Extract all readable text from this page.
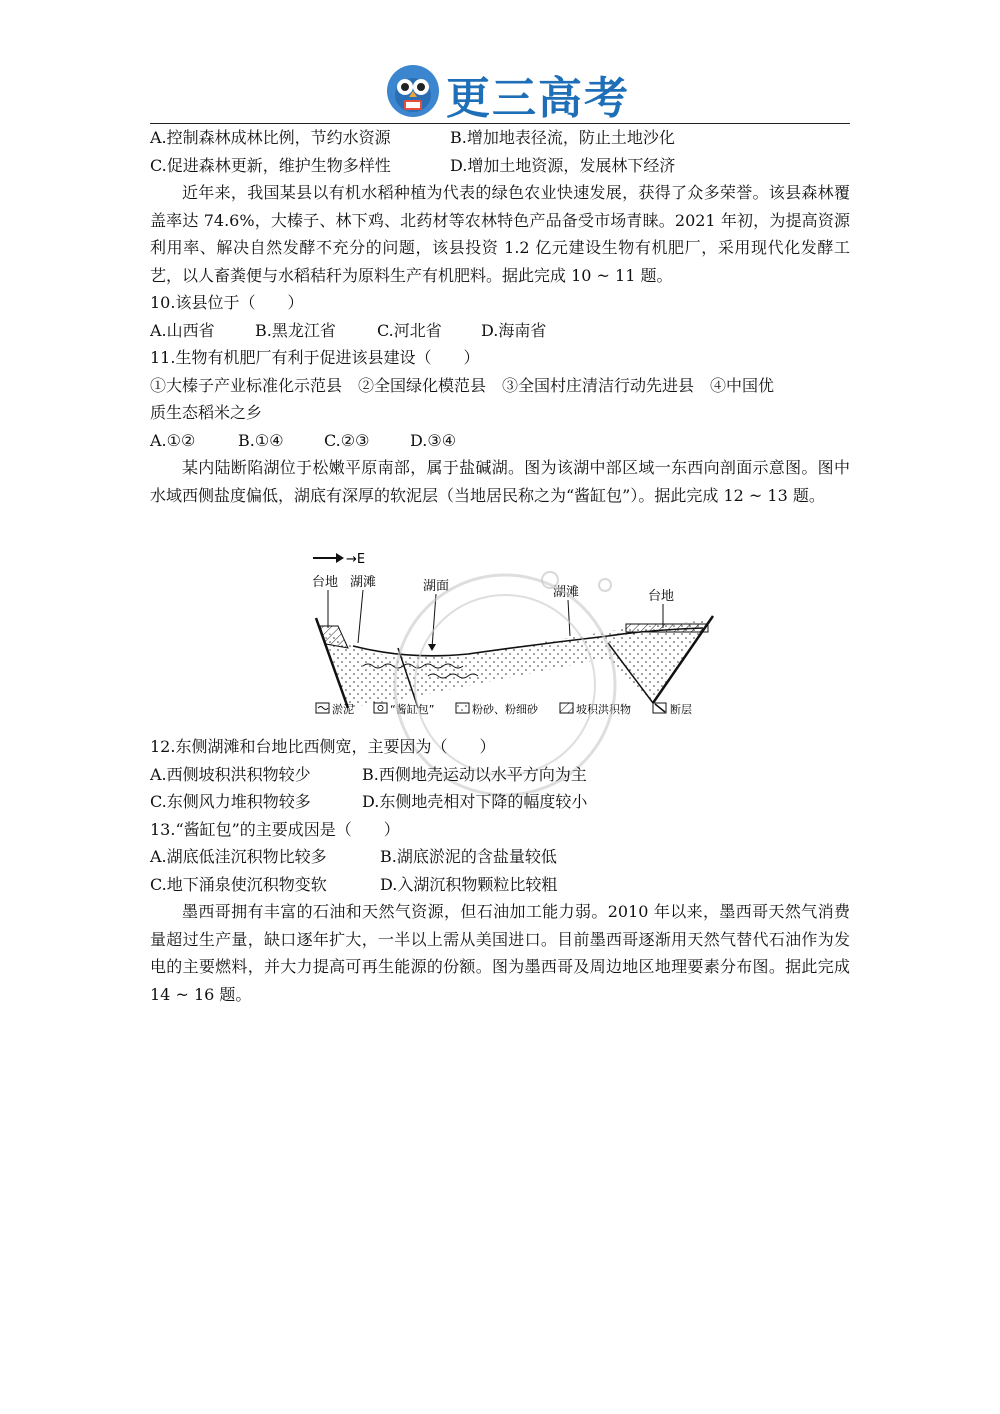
更三高考
A.控制森林成林比例，节约水资源	B.增加地表径流，防止土地沙化
C.促进森林更新，维护生物多样性	D.增加土地资源，发展林下经济
近年来，我国某县以有机水稻种植为代表的绿色农业快速发展，获得了众多荣誉。该县森林覆盖率达 74.6%，大榛子、林下鸡、北药材等农林特色产品备受市场青睐。2021 年初，为提高资源利用率、解决自然发酵不充分的问题，该县投资 1.2 亿元建设生物有机肥厂，采用现代化发酵工艺，以人畜粪便与水稻秸秆为原料生产有机肥料。据此完成 10 ~ 11 题。
10.该县位于（　　）
A.山西省	B.黑龙江省	C.河北省 D.海南省
11.生物有机肥厂有利于促进该县建设（　　）
①大榛子产业标准化示范县　②全国绿化模范县　③全国村庄清洁行动先进县　④中国优
质生态稻米之乡
A.①②	B.①④	C.②③	D.③④
某内陆断陷湖位于松嫩平原南部，属于盐碱湖。图为该湖中部区域一东西向剖面示意图。图中水域西侧盐度偏低，湖底有深厚的软泥层（当地居民称之为“酱缸包”）。据此完成 12 ~ 13 题。
→E
台地 湖滩	湖面	湖滩	台地
淤泥	“酱缸包”	粉砂、粉细砂	坡积洪积物	断层
12.东侧湖滩和台地比西侧宽，主要因为（　　）
A.西侧坡积洪积物较少	B.西侧地壳运动以水平方向为主
C.东侧风力堆积物较多	D.东侧地壳相对下降的幅度较小
13.“酱缸包”的主要成因是（　　）
A.湖底低洼沉积物比较多	B.湖底淤泥的含盐量较低
C.地下涌泉使沉积物变软	D.入湖沉积物颗粒比较粗
墨西哥拥有丰富的石油和天然气资源，但石油加工能力弱。2010 年以来，墨西哥天然气消费量超过生产量，缺口逐年扩大，一半以上需从美国进口。目前墨西哥逐渐用天然气替代石油作为发电的主要燃料，并大力提高可再生能源的份额。图为墨西哥及周边地区地理要素分布图。据此完成 14 ~ 16 题。
